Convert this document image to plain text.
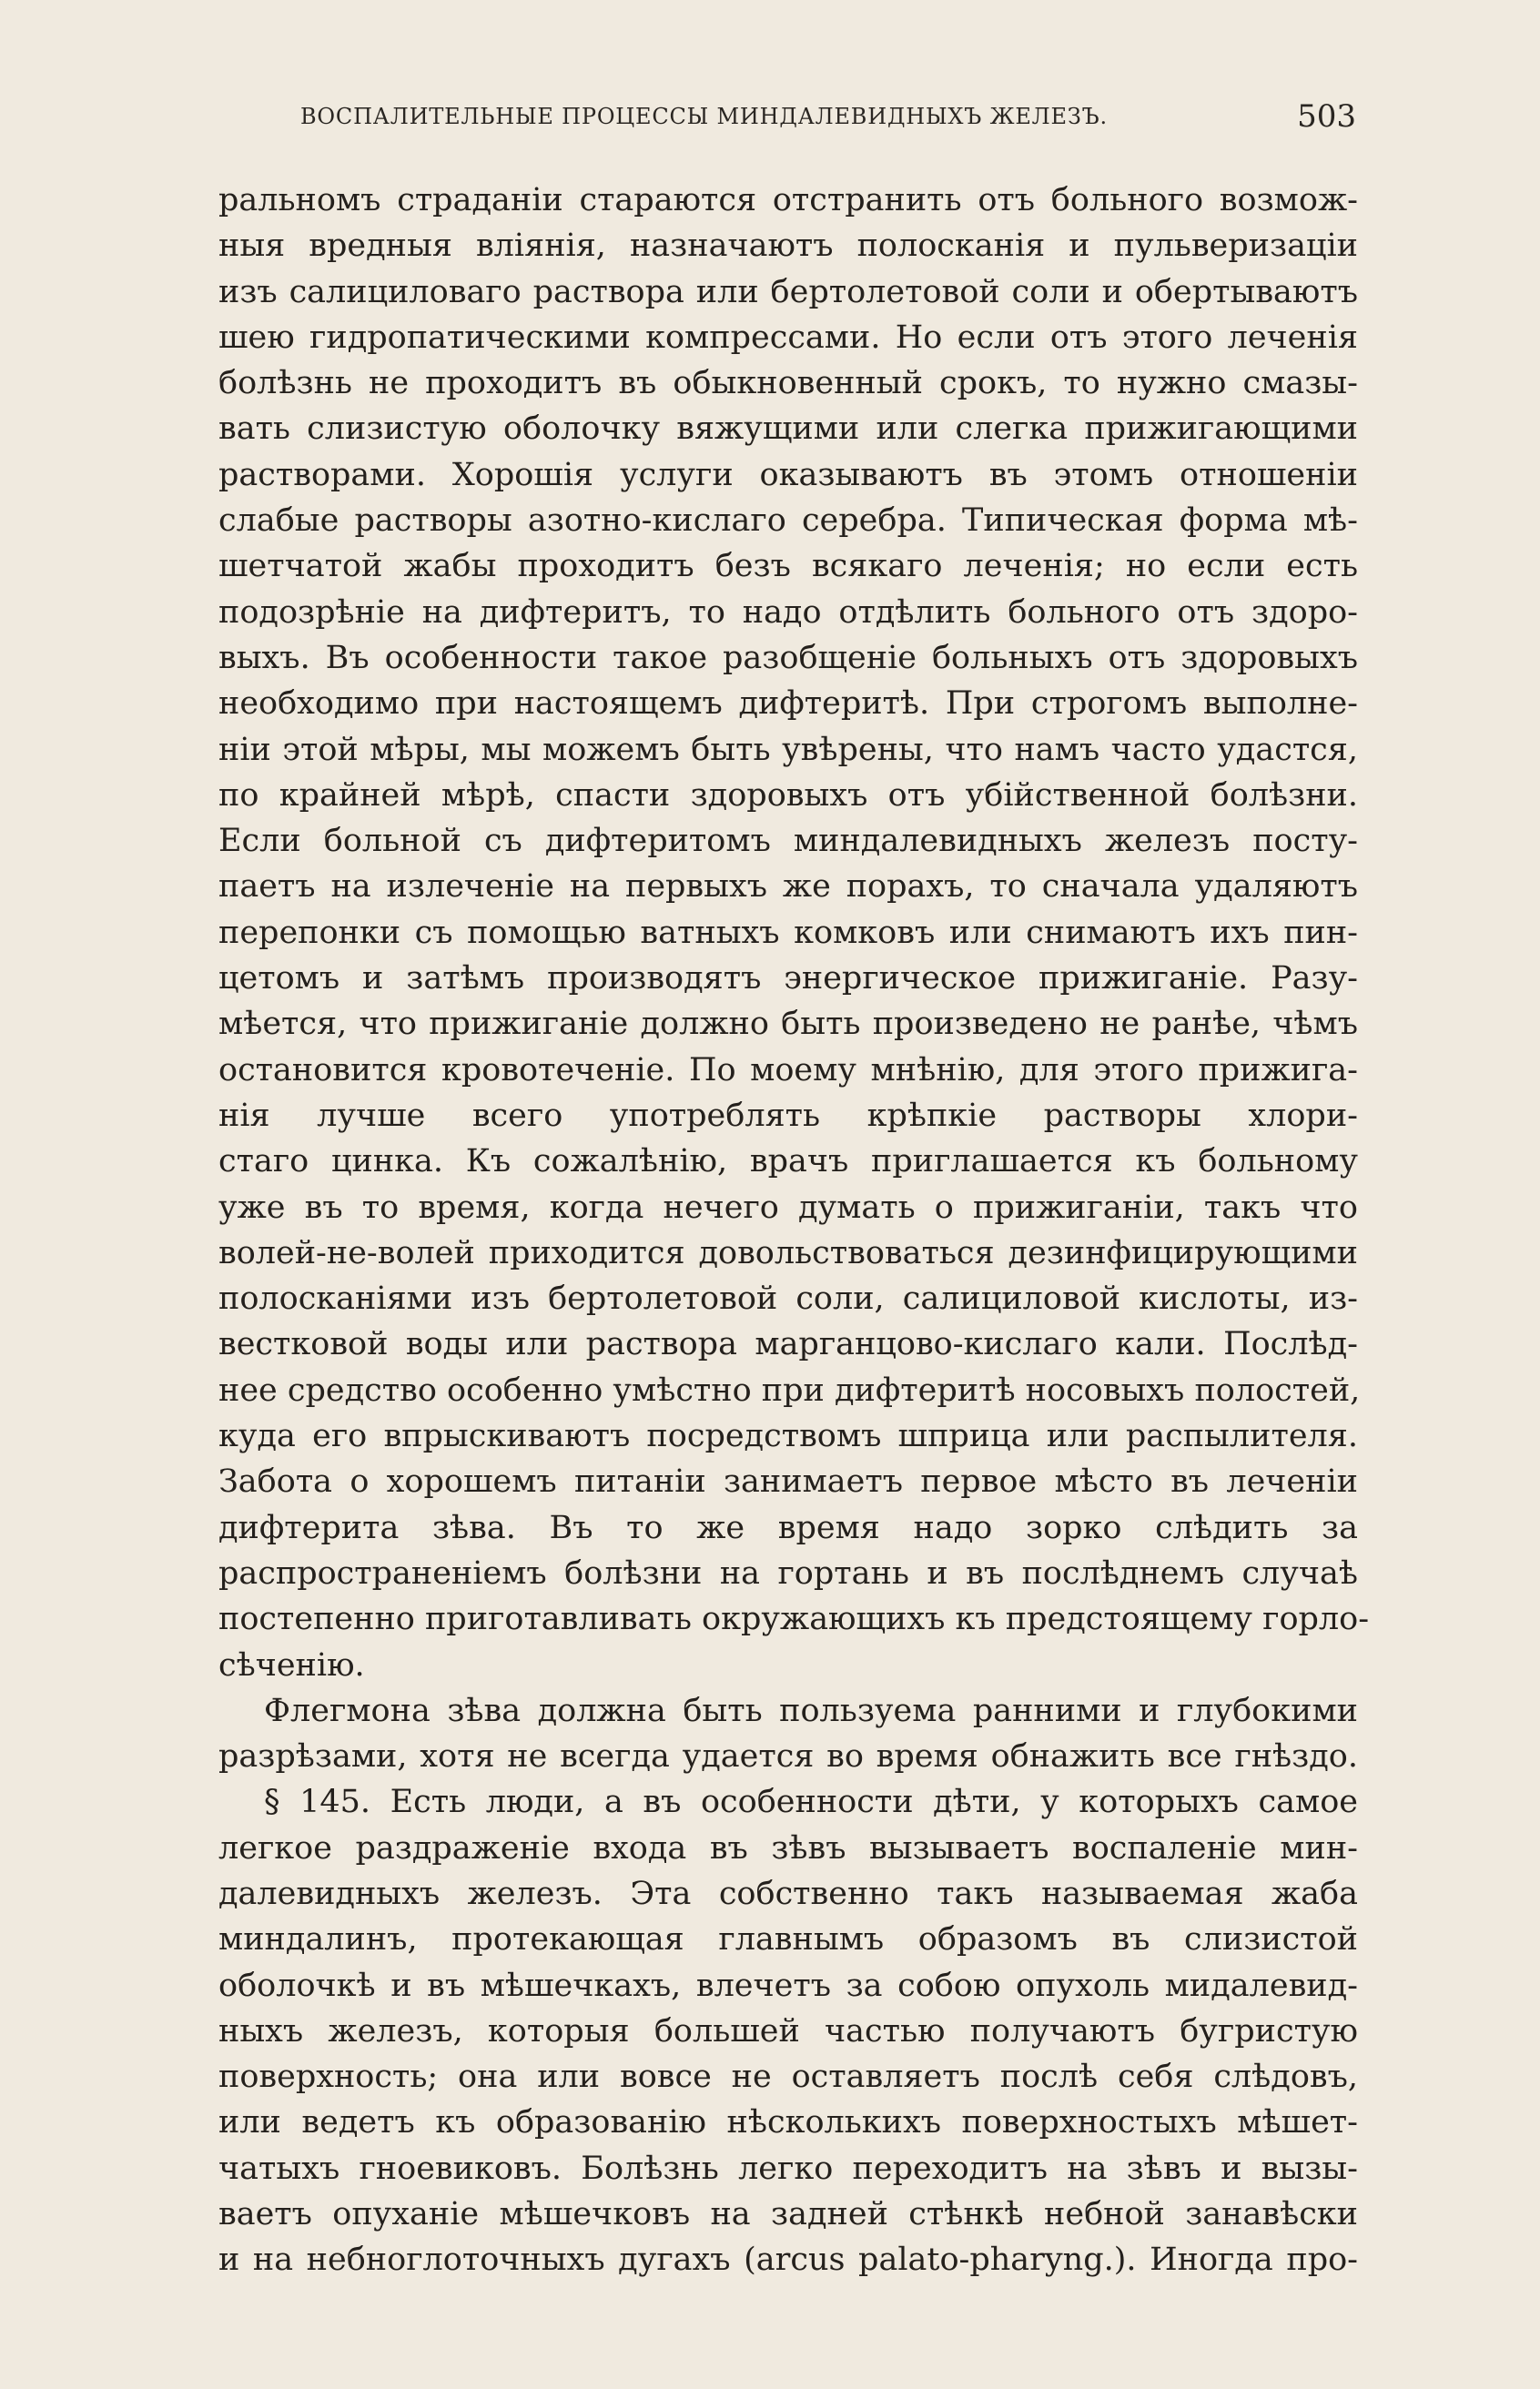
ВОСПАЛИТЕЛЬНЫЕ ПРОЦЕССЫ МИНДАЛЕВИДНЫХЪ ЖЕЛЕЗЪ.	503
ральномъ страданіи стараются отстранить отъ больного возмож-
ныя вредныя вліянія, назначаютъ полосканія и пульверизаціи
изъ салициловаго раствора или бертолетовой соли и обертываютъ
шею гидропатическими компрессами. Но если отъ этого леченія
болѣзнь не проходитъ въ обыкновенный срокъ, то нужно смазы-
вать слизистую оболочку вяжущими или слегка прижигающими
растворами. Хорошія услуги оказываютъ въ этомъ отношеніи
слабые растворы азотно-кислаго серебра. Типическая форма мѣ-
шетчатой жабы проходитъ безъ всякаго леченія; но если есть
подозрѣніе на дифтеритъ, то надо отдѣлить больного отъ здоро-
выхъ. Въ особенности такое разобщеніе больныхъ отъ здоровыхъ
необходимо при настоящемъ дифтеритѣ. При строгомъ выполне-
ніи этой мѣры, мы можемъ быть увѣрены, что намъ часто удастся,
по крайней мѣрѣ, спасти здоровыхъ отъ убійственной болѣзни.
Если больной съ дифтеритомъ миндалевидныхъ железъ посту-
паетъ на излеченіе на первыхъ же порахъ, то сначала удаляютъ
перепонки съ помощью ватныхъ комковъ или снимаютъ ихъ пин-
цетомъ и затѣмъ производятъ энергическое прижиганіе. Разу-
мѣется, что прижиганіе должно быть произведено не ранѣе, чѣмъ
остановится кровотеченіе. По моему мнѣнію, для этого прижига-
нія лучше всего употреблять крѣпкіе растворы хлори-
стаго цинка. Къ сожалѣнію, врачъ приглашается къ больному
уже въ то время, когда нечего думать о прижиганіи, такъ что
волей-не-волей приходится довольствоваться дезинфицирующими
полосканіями изъ бертолетовой соли, салициловой кислоты, из-
вестковой воды или раствора марганцово-кислаго кали. Послѣд-
нее средство особенно умѣстно при дифтеритѣ носовыхъ полостей,
куда его впрыскиваютъ посредствомъ шприца или распылителя.
Забота о хорошемъ питаніи занимаетъ первое мѣсто въ леченіи
дифтерита зѣва. Въ то же время надо зорко слѣдить за
распространеніемъ болѣзни на гортань и въ послѣднемъ случаѣ
постепенно приготавливать окружающихъ къ предстоящему горло-
сѣченію.
Флегмона зѣва должна быть пользуема ранними и глубокими
разрѣзами, хотя не всегда удается во время обнажить все гнѣздо.
§ 145. Есть люди, а въ особенности дѣти, у которыхъ самое
легкое раздраженіе входа въ зѣвъ вызываетъ воспаленіе мин-
далевидныхъ железъ. Эта собственно такъ называемая жаба
миндалинъ, протекающая главнымъ образомъ въ слизистой
оболочкѣ и въ мѣшечкахъ, влечетъ за собою опухоль мидалевид-
ныхъ железъ, которыя большей частью получаютъ бугристую
поверхность; она или вовсе не оставляетъ послѣ себя слѣдовъ,
или ведетъ къ образованію нѣсколькихъ поверхностыхъ мѣшет-
чатыхъ гноевиковъ. Болѣзнь легко переходитъ на зѣвъ и вызы-
ваетъ опуханіе мѣшечковъ на задней стѣнкѣ небной занавѣски
и на небноглоточныхъ дугахъ (arcus palato-pharyng.). Иногда про-
